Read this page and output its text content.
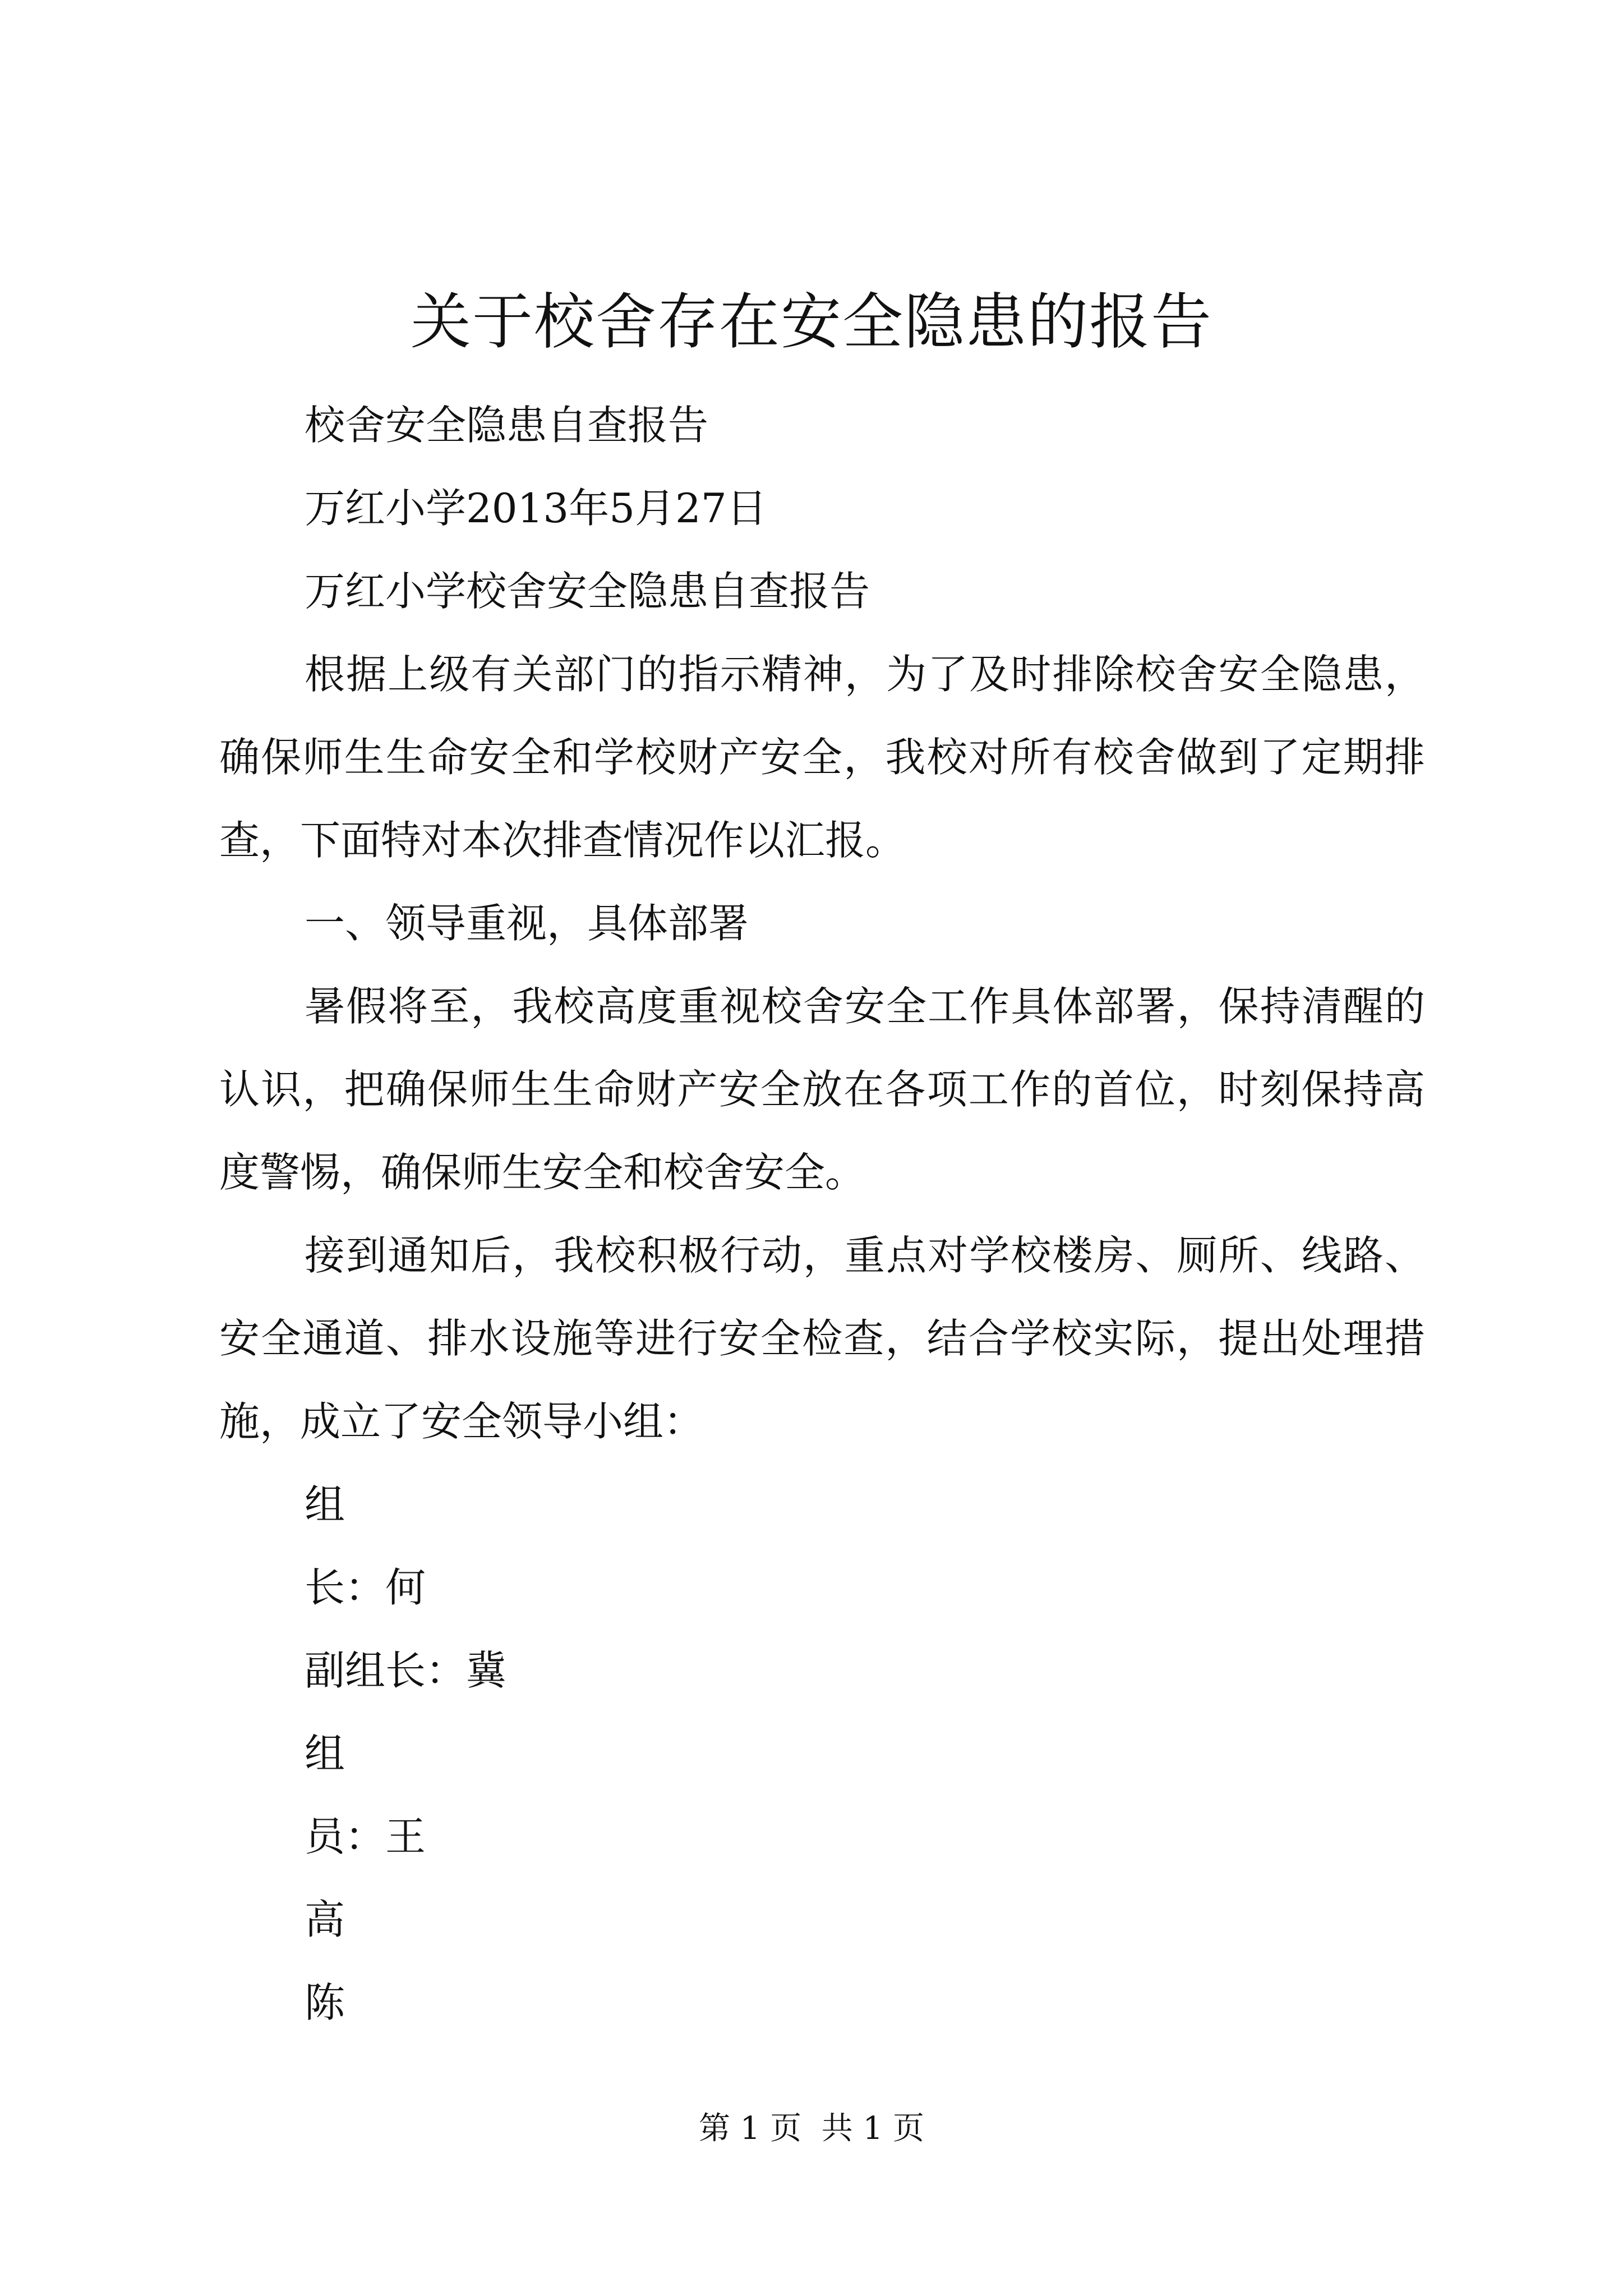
关于校舍存在安全隐患的报告

校舍安全隐患自查报告

万红小学2013年5月27日

万红小学校舍安全隐患自查报告

根据上级有关部门的指示精神，为了及时排除校舍安全隐患，确保师生生命安全和学校财产安全，我校对所有校舍做到了定期排查，下面特对本次排查情况作以汇报。

一、领导重视，具体部署

暑假将至，我校高度重视校舍安全工作具体部署，保持清醒的认识，把确保师生生命财产安全放在各项工作的首位，时刻保持高度警惕，确保师生安全和校舍安全。

接到通知后，我校积极行动，重点对学校楼房、厕所、线路、安全通道、排水设施等进行安全检查，结合学校实际，提出处理措施，成立了安全领导小组：

组

长：何

副组长：冀

组

员：王

高

陈

第 1 页  共 1 页
